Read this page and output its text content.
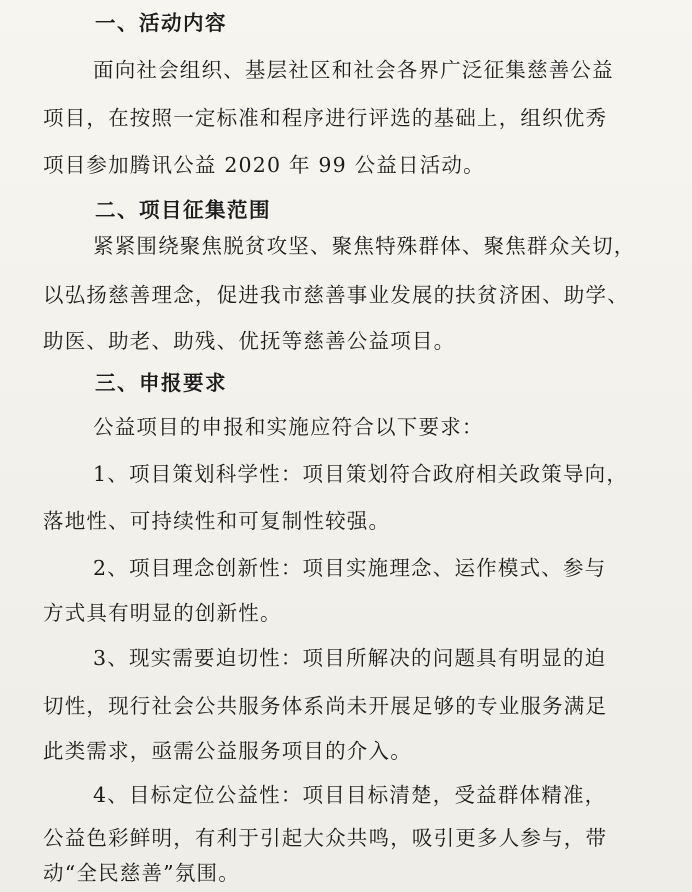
一、活动内容
面向社会组织、基层社区和社会各界广泛征集慈善公益
项目，在按照一定标准和程序进行评选的基础上，组织优秀
项目参加腾讯公益 2020 年 99 公益日活动。
二、项目征集范围
紧紧围绕聚焦脱贫攻坚、聚焦特殊群体、聚焦群众关切，
以弘扬慈善理念，促进我市慈善事业发展的扶贫济困、助学、
助医、助老、助残、优抚等慈善公益项目。
三、申报要求
公益项目的申报和实施应符合以下要求：
1、项目策划科学性：项目策划符合政府相关政策导向，
落地性、可持续性和可复制性较强。
2、项目理念创新性：项目实施理念、运作模式、参与
方式具有明显的创新性。
3、现实需要迫切性：项目所解决的问题具有明显的迫
切性，现行社会公共服务体系尚未开展足够的专业服务满足
此类需求，亟需公益服务项目的介入。
4、目标定位公益性：项目目标清楚，受益群体精准，
公益色彩鲜明，有利于引起大众共鸣，吸引更多人参与，带
动“全民慈善”氛围。
